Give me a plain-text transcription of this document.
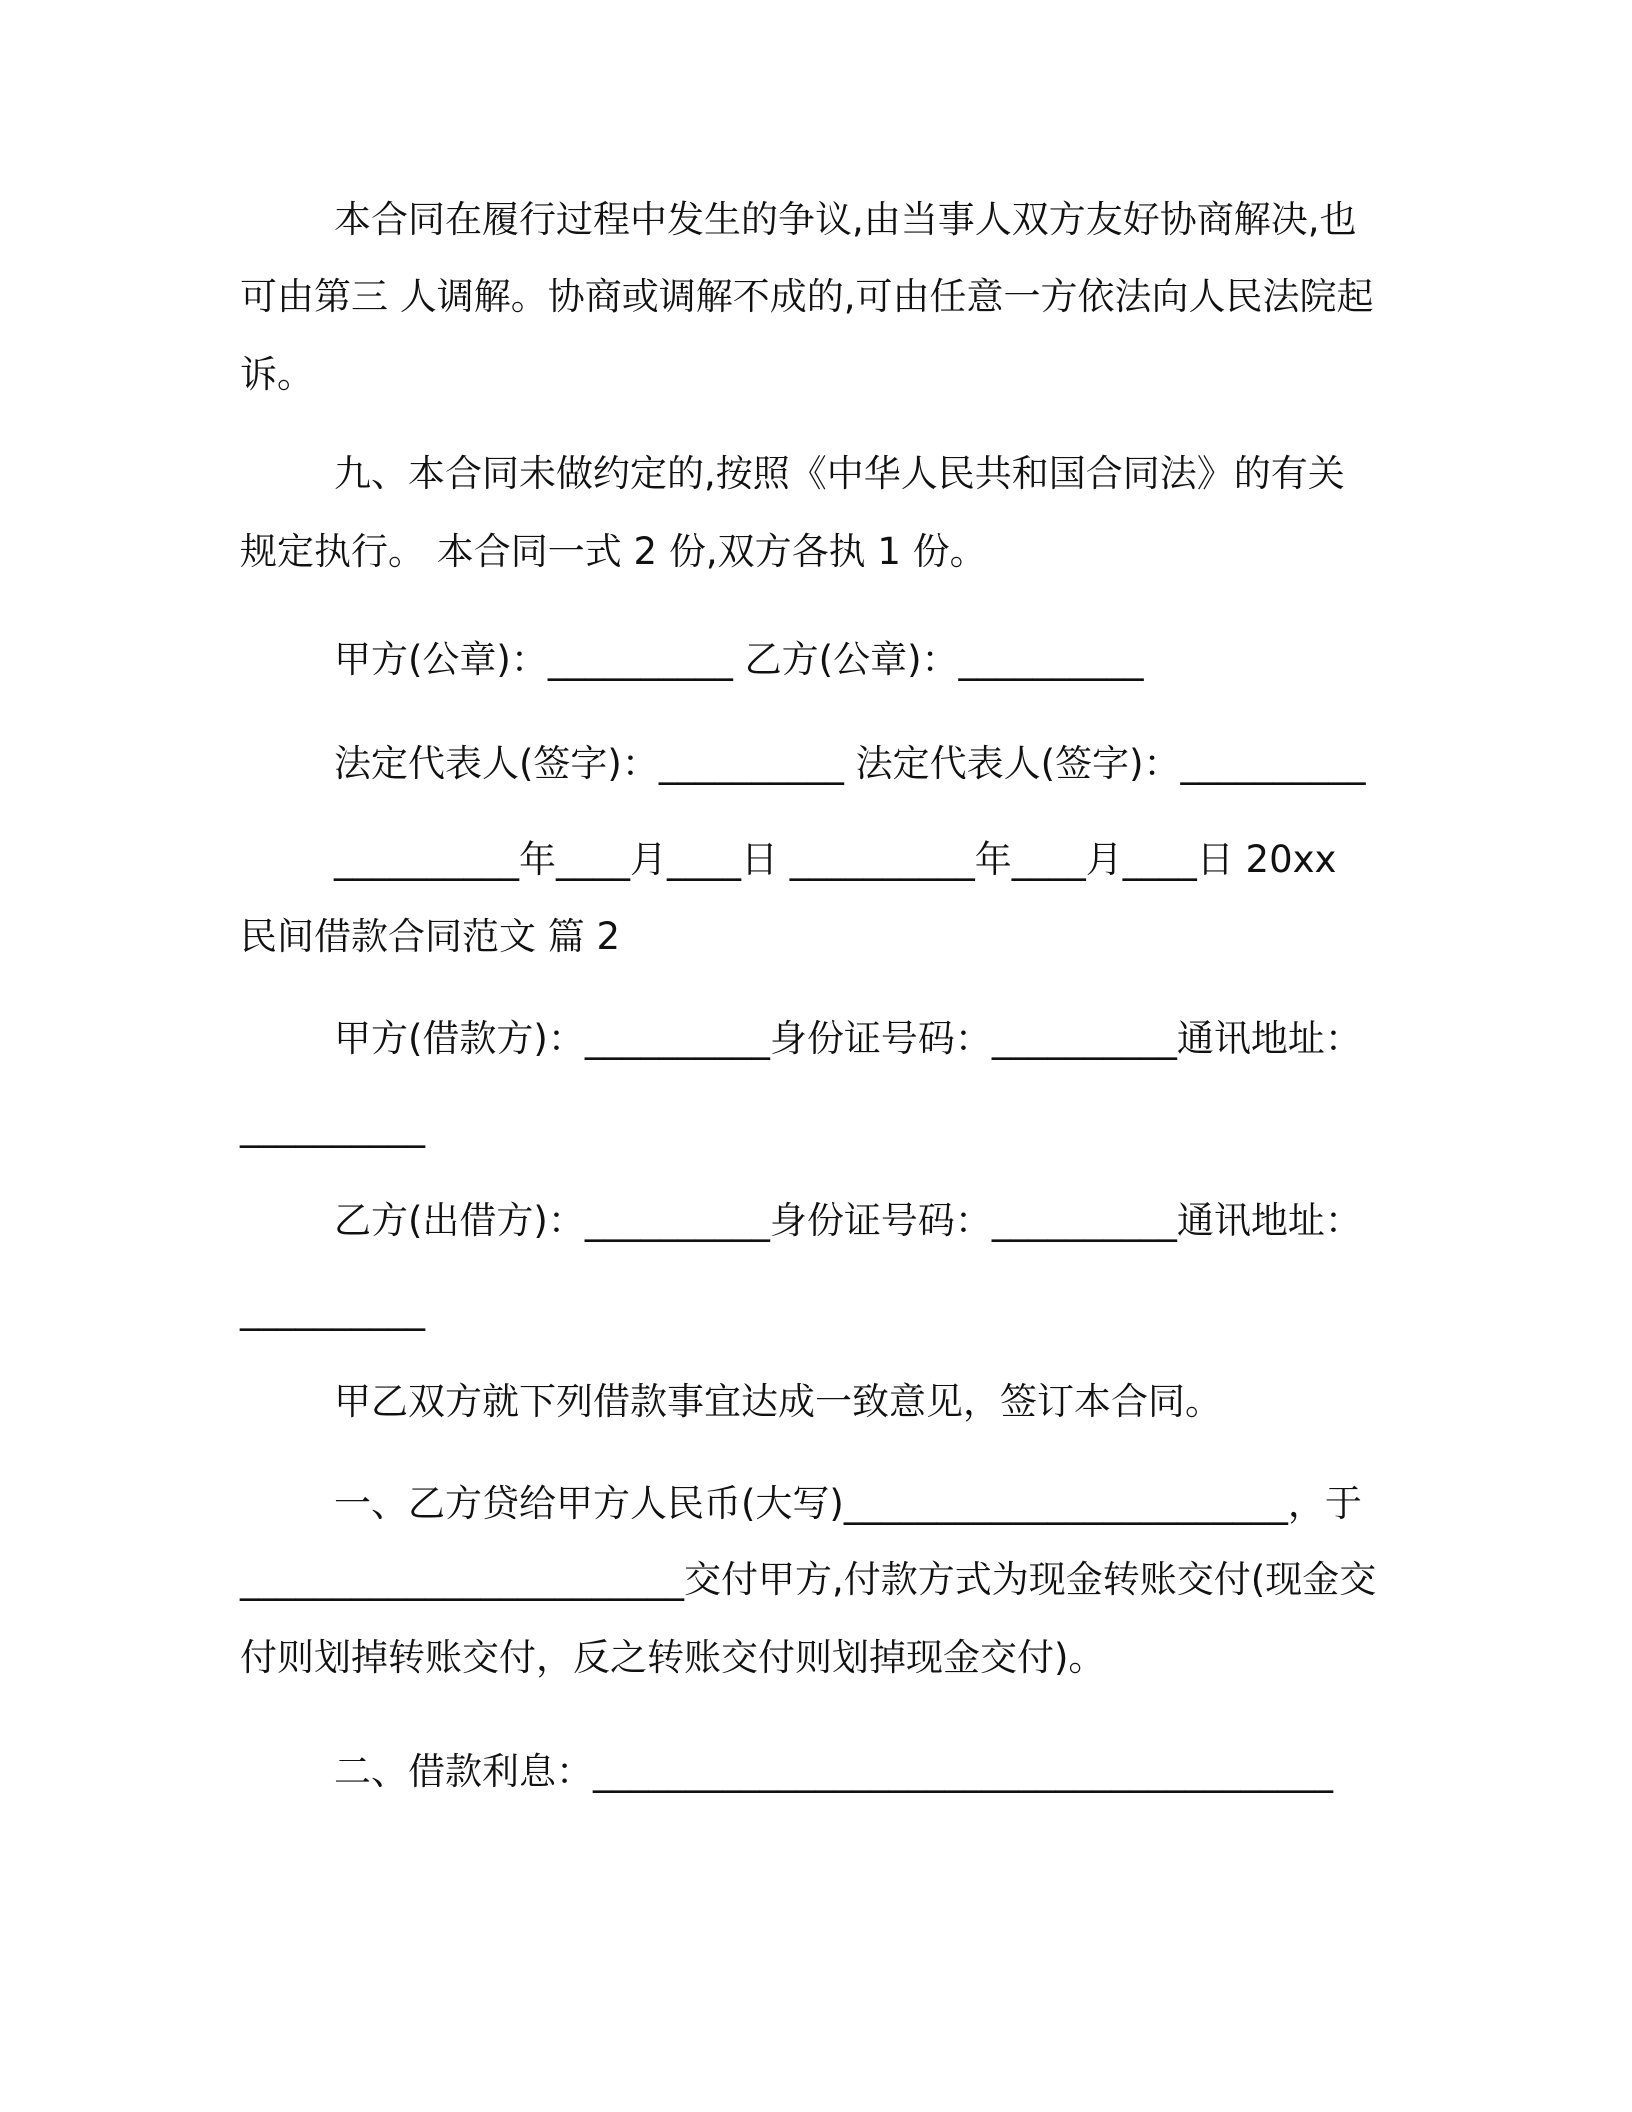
本合同在履行过程中发生的争议,由当事人双方友好协商解决,也
可由第三 人调解。协商或调解不成的,可由任意一方依法向人民法院起
诉。
九、本合同未做约定的,按照《中华人民共和国合同法》的有关
规定执行。 本合同一式 2 份,双方各执 1 份。
甲方(公章)：__________ 乙方(公章)：__________
法定代表人(签字)：__________ 法定代表人(签字)：__________
__________年____月____日 __________年____月____日 20xx
民间借款合同范文 篇 2
甲方(借款方)：__________身份证号码：__________通讯地址：
__________
乙方(出借方)：__________身份证号码：__________通讯地址：
__________
甲乙双方就下列借款事宜达成一致意见，签订本合同。
一、乙方贷给甲方人民币(大写)________________________，于
________________________交付甲方,付款方式为现金转账交付(现金交
付则划掉转账交付，反之转账交付则划掉现金交付)。
二、借款利息：________________________________________
